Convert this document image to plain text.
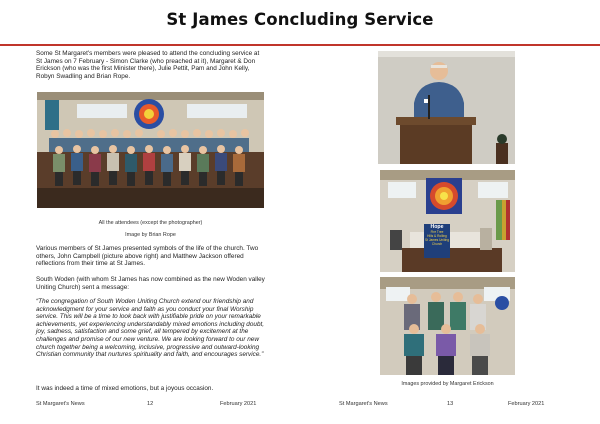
St James Concluding Service

Some St Margaret's members were pleased to attend the concluding service at St James on 7 February - Simon Clarke (who preached at it), Margaret & Don Erickson (who was the first Minister there), Julie Pettit, Pam and John Kelly, Robyn Swadling and Brian Rope.

All the attendees (except the photographer)
Image by Brian Rope

Various members of St James presented symbols of the life of the church. Two others, John Campbell (picture above right) and Matthew Jackson offered reflections from their time at St James.

South Woden (with whom St James has now combined as the new Woden valley Uniting Church) sent a message:

“The congregation of South Woden Uniting Church extend our friendship and acknowledgment for your service and faith as you conduct your final Worship service. This will be a time to look back with justifiable pride on your remarkable achievements, yet experiencing understandably mixed emotions including doubt, joy, sadness, satisfaction and some grief, all tempered by excitement at the challenges and promise of our new venture. We are looking forward to our new church together being a welcoming, inclusive, progressive and outward-looking Christian community that nurtures spirituality and faith, and encourages service.”

It was indeed a time of mixed emotions, but a joyous occasion.

Hope
Fire Tree
Hills & Rolling
St James Uniting Church
Images provided by Margaret Erickson
St Margaret's News	12	February 2021	St Margaret's News	13	February 2021
